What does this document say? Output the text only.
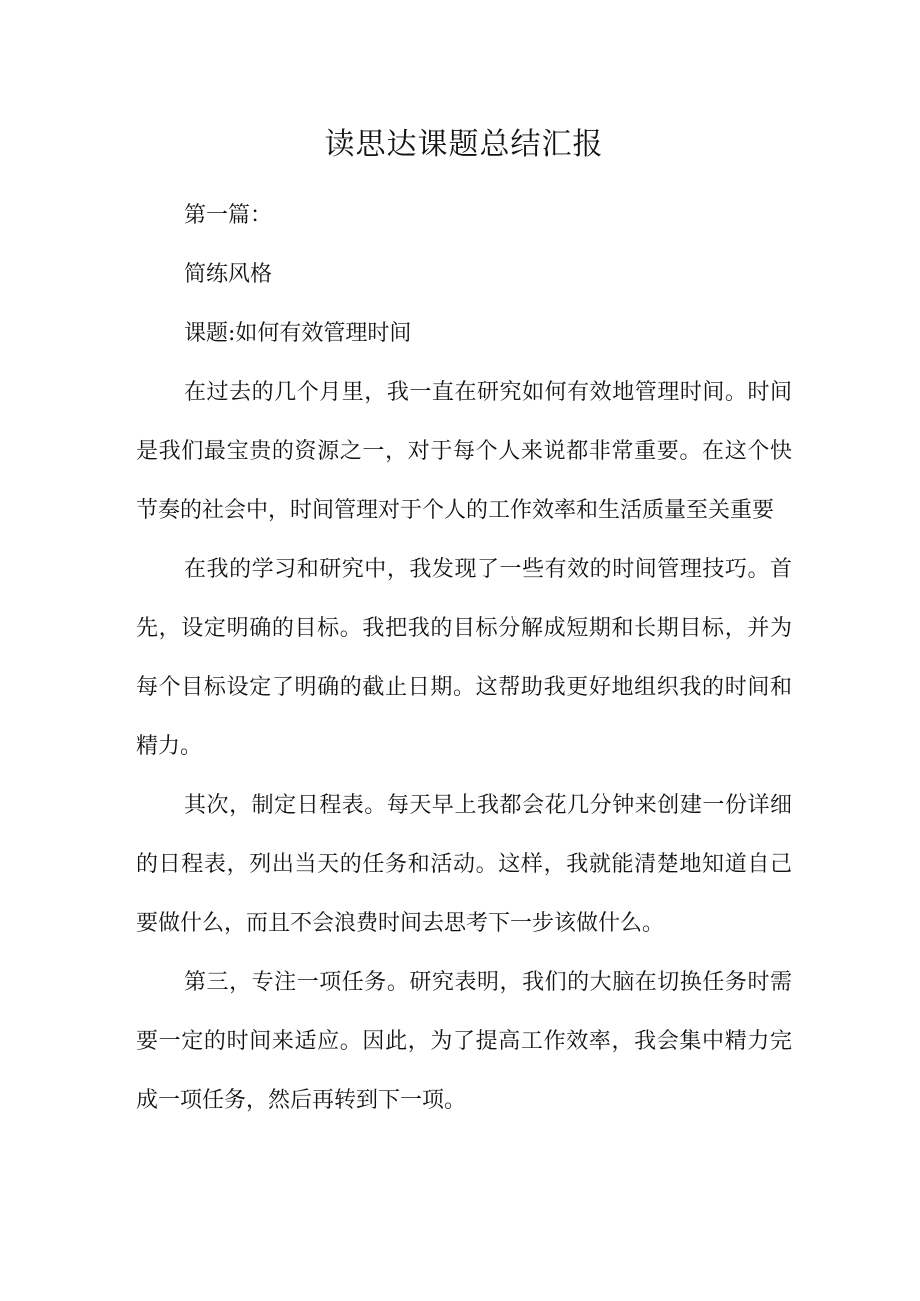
读思达课题总结汇报

第一篇：

简练风格

课题:如何有效管理时间

在过去的几个月里，我一直在研究如何有效地管理时间。时间是我们最宝贵的资源之一，对于每个人来说都非常重要。在这个快节奏的社会中，时间管理对于个人的工作效率和生活质量至关重要

在我的学习和研究中，我发现了一些有效的时间管理技巧。首先，设定明确的目标。我把我的目标分解成短期和长期目标，并为每个目标设定了明确的截止日期。这帮助我更好地组织我的时间和精力。

其次，制定日程表。每天早上我都会花几分钟来创建一份详细的日程表，列出当天的任务和活动。这样，我就能清楚地知道自己要做什么，而且不会浪费时间去思考下一步该做什么。

第三，专注一项任务。研究表明，我们的大脑在切换任务时需要一定的时间来适应。因此，为了提高工作效率，我会集中精力完成一项任务，然后再转到下一项。
